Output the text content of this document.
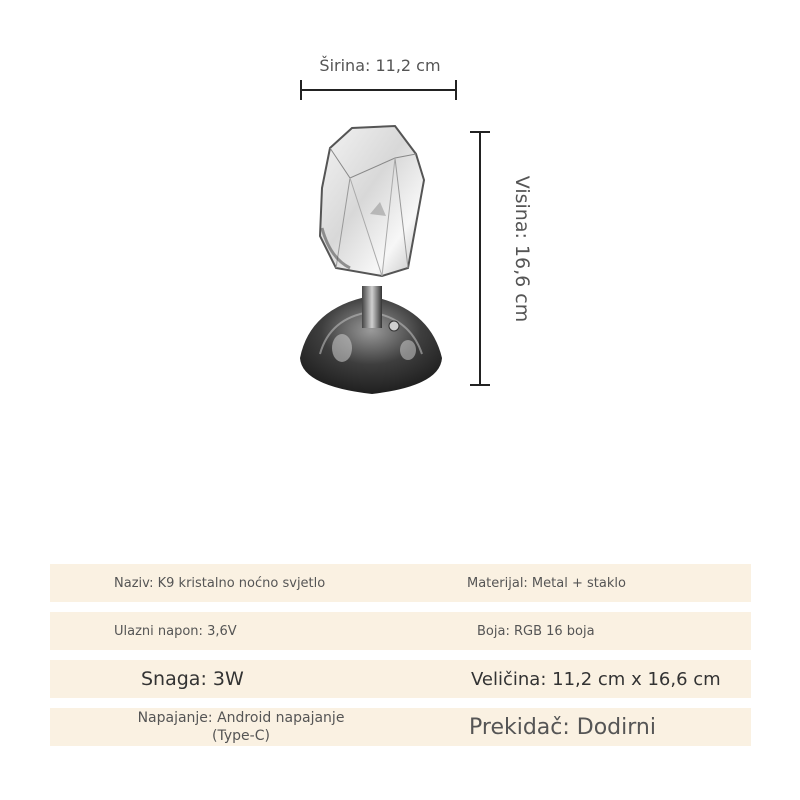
Širina: 11,2 cm
Visina: 16,6 cm
Naziv: K9 kristalno noćno svjetlo	Materijal: Metal + staklo
Ulazni napon: 3,6V	Boja: RGB 16 boja
Snaga: 3W	Veličina: 11,2 cm x 16,6 cm
Napajanje: Android napajanje
(Type-C)	Prekidač: Dodirni
